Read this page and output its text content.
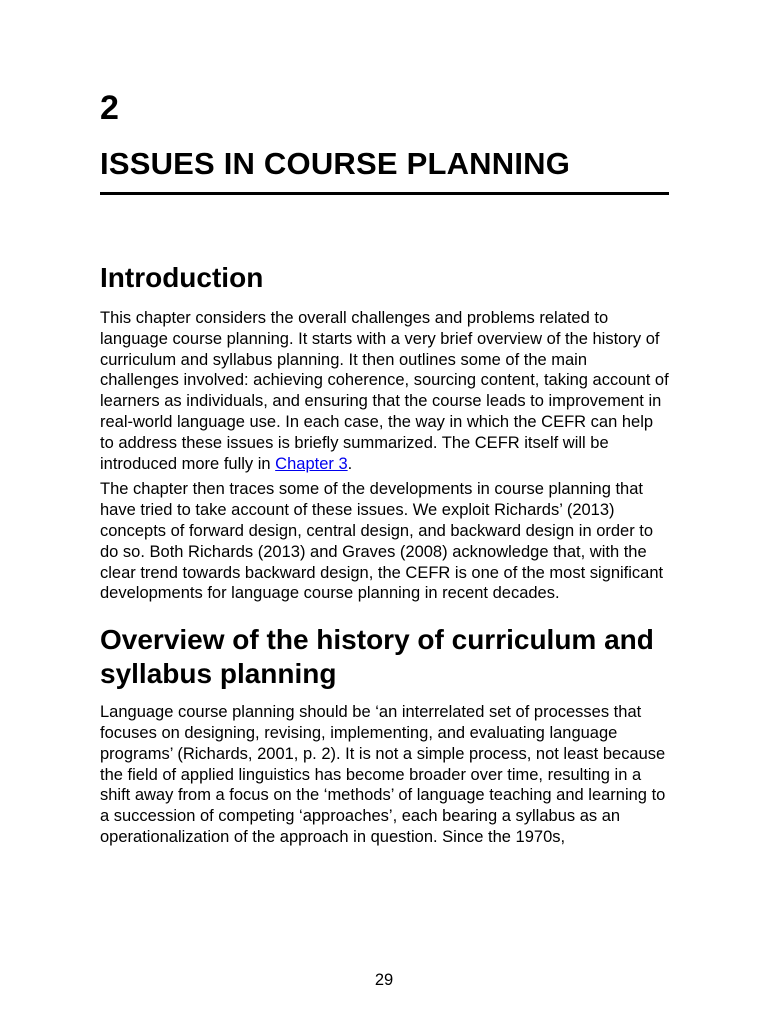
2
ISSUES IN COURSE PLANNING
Introduction

This chapter considers the overall challenges and problems related to language course planning. It starts with a very brief overview of the history of curriculum and syllabus planning. It then outlines some of the main challenges involved: achieving coherence, sourcing content, taking account of learners as individuals, and ensuring that the course leads to improvement in real-world language use. In each case, the way in which the CEFR can help to address these issues is briefly summarized. The CEFR itself will be introduced more fully in Chapter 3.

The chapter then traces some of the developments in course planning that have tried to take account of these issues. We exploit Richards’ (2013) concepts of forward design, central design, and backward design in order to do so. Both Richards (2013) and Graves (2008) acknowledge that, with the clear trend towards backward design, the CEFR is one of the most significant developments for language course planning in recent decades.

Overview of the history of curriculum and syllabus planning

Language course planning should be ‘an interrelated set of processes that focuses on designing, revising, implementing, and evaluating language programs’ (Richards, 2001, p. 2). It is not a simple process, not least because the field of applied linguistics has become broader over time, resulting in a shift away from a focus on the ‘methods’ of language teaching and learning to a succession of competing ‘approaches’, each bearing a syllabus as an operationalization of the approach in question. Since the 1970s,

29
